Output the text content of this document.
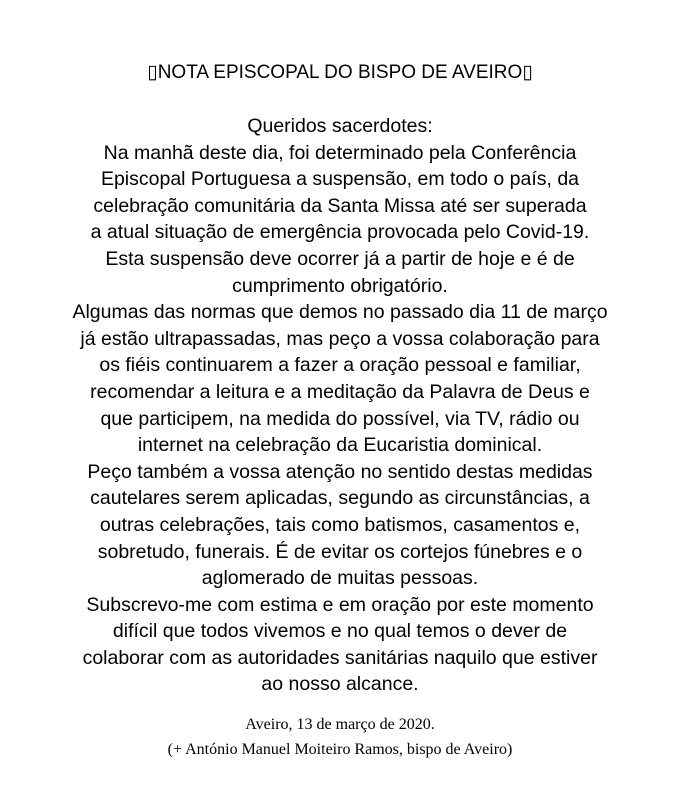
▯NOTA EPISCOPAL DO BISPO DE AVEIRO▯
Queridos sacerdotes:
Na manhã deste dia, foi determinado pela Conferência
Episcopal Portuguesa a suspensão, em todo o país, da
celebração comunitária da Santa Missa até ser superada
a atual situação de emergência provocada pelo Covid-19.
Esta suspensão deve ocorrer já a partir de hoje e é de
cumprimento obrigatório.
Algumas das normas que demos no passado dia 11 de março
já estão ultrapassadas, mas peço a vossa colaboração para
os fiéis continuarem a fazer a oração pessoal e familiar,
recomendar a leitura e a meditação da Palavra de Deus e
que participem, na medida do possível, via TV, rádio ou
internet na celebração da Eucaristia dominical.
Peço também a vossa atenção no sentido destas medidas
cautelares serem aplicadas, segundo as circunstâncias, a
outras celebrações, tais como batismos, casamentos e,
sobretudo, funerais. É de evitar os cortejos fúnebres e o
aglomerado de muitas pessoas.
Subscrevo-me com estima e em oração por este momento
difícil que todos vivemos e no qual temos o dever de
colaborar com as autoridades sanitárias naquilo que estiver
ao nosso alcance.
Aveiro, 13 de março de 2020.
(+ António Manuel Moiteiro Ramos, bispo de Aveiro)
